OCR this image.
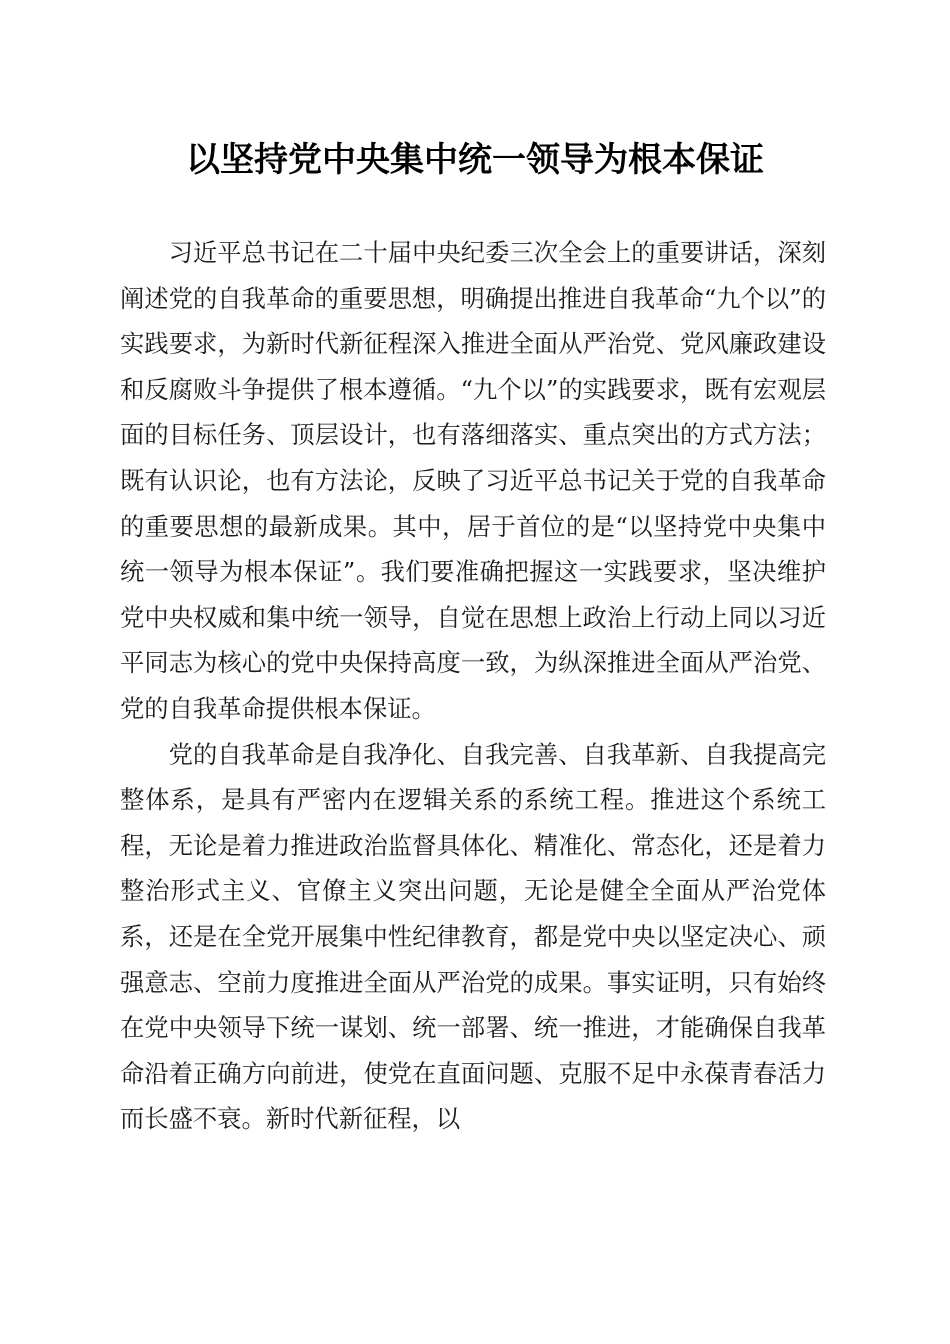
以坚持党中央集中统一领导为根本保证

习近平总书记在二十届中央纪委三次全会上的重要讲话，深刻阐述党的自我革命的重要思想，明确提出推进自我革命“九个以”的实践要求，为新时代新征程深入推进全面从严治党、党风廉政建设和反腐败斗争提供了根本遵循。“九个以”的实践要求，既有宏观层面的目标任务、顶层设计，也有落细落实、重点突出的方式方法；既有认识论，也有方法论，反映了习近平总书记关于党的自我革命的重要思想的最新成果。其中，居于首位的是“以坚持党中央集中统一领导为根本保证”。我们要准确把握这一实践要求，坚决维护党中央权威和集中统一领导，自觉在思想上政治上行动上同以习近平同志为核心的党中央保持高度一致，为纵深推进全面从严治党、党的自我革命提供根本保证。

党的自我革命是自我净化、自我完善、自我革新、自我提高完整体系，是具有严密内在逻辑关系的系统工程。推进这个系统工程，无论是着力推进政治监督具体化、精准化、常态化，还是着力整治形式主义、官僚主义突出问题，无论是健全全面从严治党体系，还是在全党开展集中性纪律教育，都是党中央以坚定决心、顽强意志、空前力度推进全面从严治党的成果。事实证明，只有始终在党中央领导下统一谋划、统一部署、统一推进，才能确保自我革命沿着正确方向前进，使党在直面问题、克服不足中永葆青春活力而长盛不衰。新时代新征程，以
